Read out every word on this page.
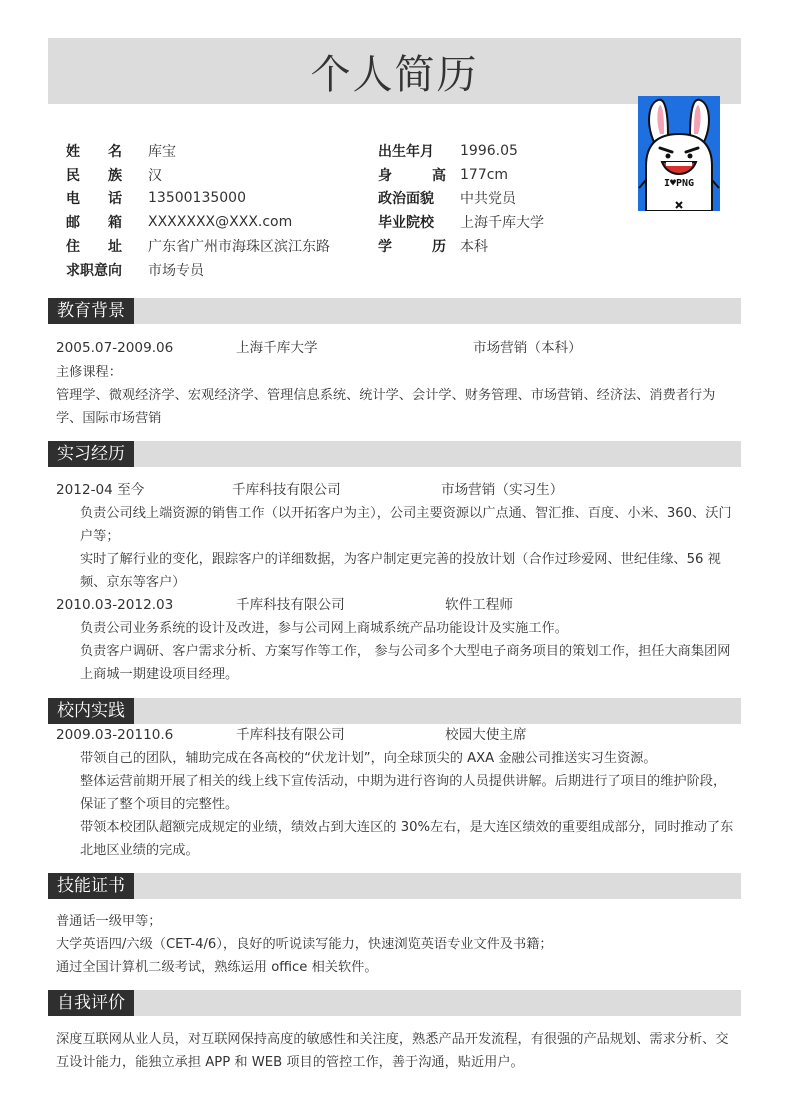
个人简历
I♥PNG
姓 名 库宝
民 族 汉
电 话 13500135000
邮 箱 XXXXXXX@XXX.com
住 址 广东省广州市海珠区滨江东路
求职意向 市场专员
出生年月	1996.05
身	高 177cm
政治面貌	中共党员
毕业院校	上海千库大学
学	历 本科
教育背景
2005.07-2009.06	上海千库大学	市场营销（本科）
主修课程：
管理学、微观经济学、宏观经济学、管理信息系统、统计学、会计学、财务管理、市场营销、经济法、消费者行为学、国际市场营销
实习经历
2012-04 至今	千库科技有限公司	市场营销（实习生）
负责公司线上端资源的销售工作（以开拓客户为主），公司主要资源以广点通、智汇推、百度、小米、360、沃门户等；
实时了解行业的变化，跟踪客户的详细数据，为客户制定更完善的投放计划（合作过珍爱网、世纪佳缘、56 视频、京东等客户）
2010.03-2012.03	千库科技有限公司	软件工程师
负责公司业务系统的设计及改进，参与公司网上商城系统产品功能设计及实施工作。
负责客户调研、客户需求分析、方案写作等工作， 参与公司多个大型电子商务项目的策划工作，担任大商集团网上商城一期建设项目经理。
校内实践
2009.03-20110.6	千库科技有限公司	校园大使主席
带领自己的团队，辅助完成在各高校的“伏龙计划”，向全球顶尖的 AXA 金融公司推送实习生资源。
整体运营前期开展了相关的线上线下宣传活动，中期为进行咨询的人员提供讲解。后期进行了项目的维护阶段，保证了整个项目的完整性。
带领本校团队超额完成规定的业绩，绩效占到大连区的 30%左右，是大连区绩效的重要组成部分，同时推动了东北地区业绩的完成。
技能证书
普通话一级甲等；
大学英语四/六级（CET-4/6），良好的听说读写能力，快速浏览英语专业文件及书籍；
通过全国计算机二级考试，熟练运用 office 相关软件。
自我评价
深度互联网从业人员，对互联网保持高度的敏感性和关注度，熟悉产品开发流程，有很强的产品规划、需求分析、交互设计能力，能独立承担 APP 和 WEB 项目的管控工作，善于沟通，贴近用户。
